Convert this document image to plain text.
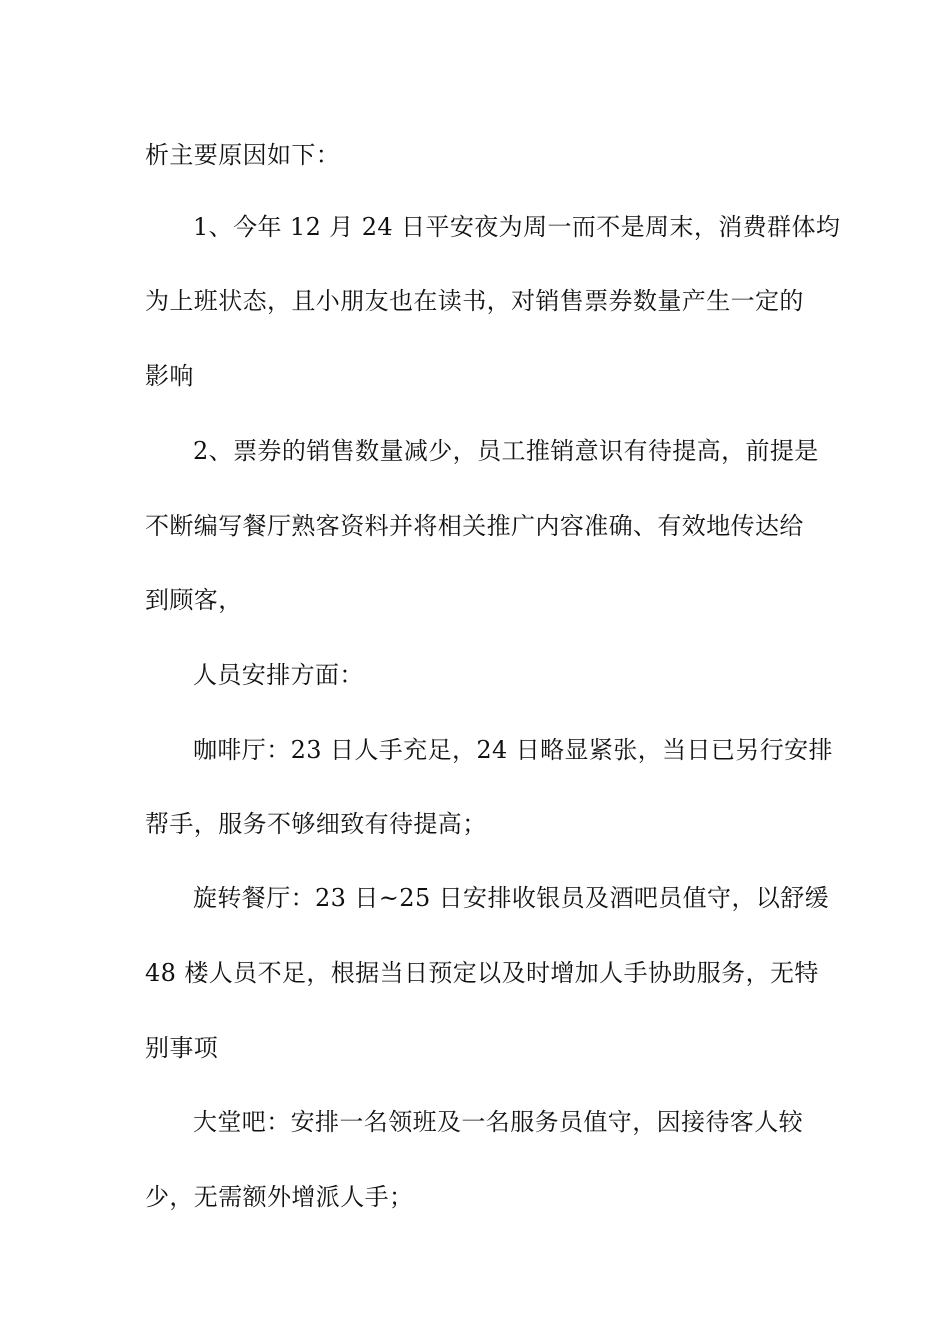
析主要原因如下：

1、今年 12 月 24 日平安夜为周一而不是周末，消费群体均

为上班状态，且小朋友也在读书，对销售票券数量产生一定的

影响

2、票券的销售数量减少，员工推销意识有待提高，前提是

不断编写餐厅熟客资料并将相关推广内容准确、有效地传达给

到顾客，

人员安排方面：

咖啡厅：23 日人手充足，24 日略显紧张，当日已另行安排

帮手，服务不够细致有待提高；

旋转餐厅：23 日~25 日安排收银员及酒吧员值守，以舒缓

48 楼人员不足，根据当日预定以及时增加人手协助服务，无特

别事项

大堂吧：安排一名领班及一名服务员值守，因接待客人较

少，无需额外增派人手；
